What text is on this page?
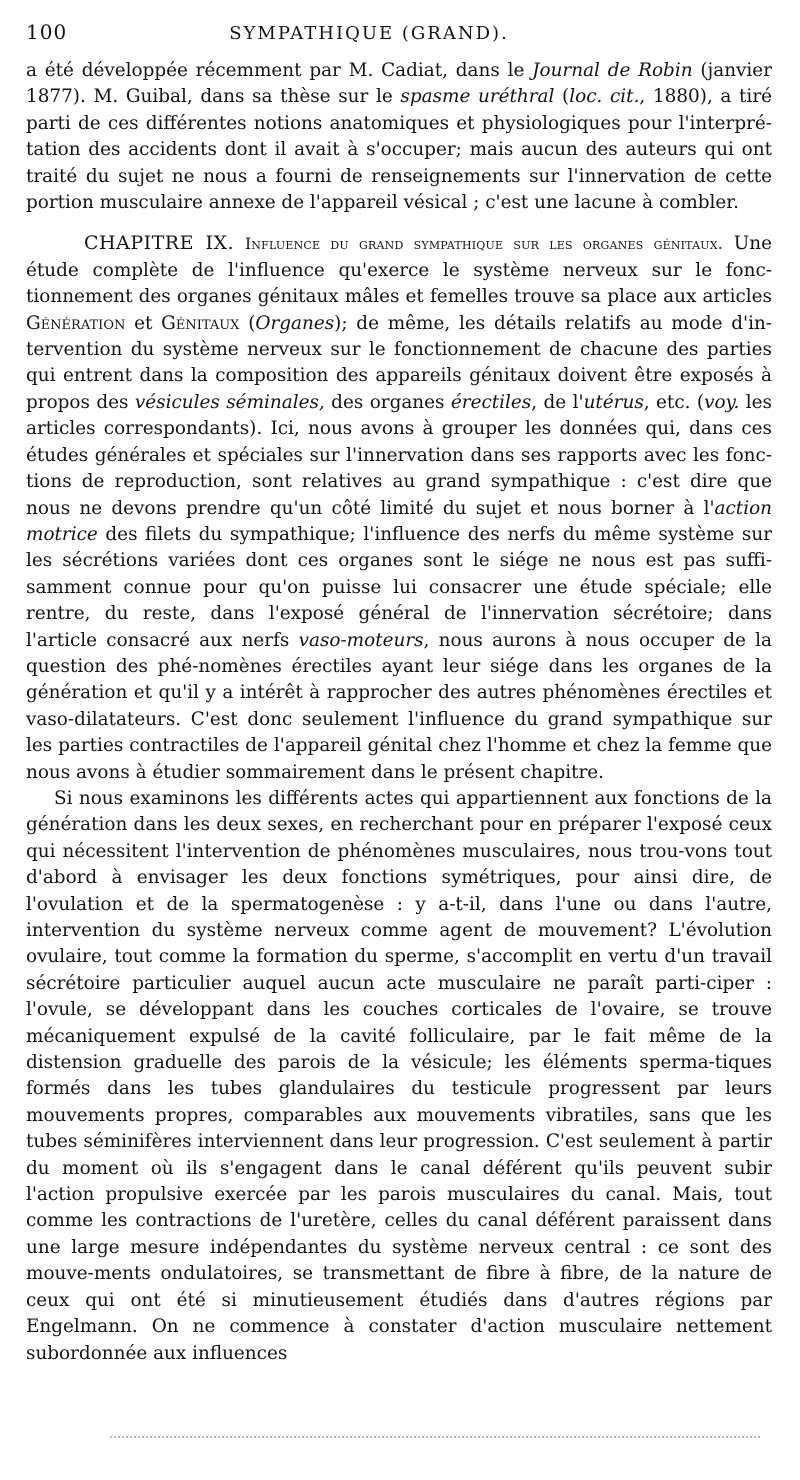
100	SYMPATHIQUE (GRAND).

a été développée récemment par M. Cadiat, dans le Journal de Robin (janvier 1877). M. Guibal, dans sa thèse sur le spasme uréthral (loc. cit., 1880), a tiré parti de ces différentes notions anatomiques et physiologiques pour l'interpré-tation des accidents dont il avait à s'occuper; mais aucun des auteurs qui ont traité du sujet ne nous a fourni de renseignements sur l'innervation de cette portion musculaire annexe de l'appareil vésical ; c'est une lacune à combler.

CHAPITRE IX. Influence du grand sympathique sur les organes génitaux. Une étude complète de l'influence qu'exerce le système nerveux sur le fonc-tionnement des organes génitaux mâles et femelles trouve sa place aux articles Génération et Génitaux (Organes); de même, les détails relatifs au mode d'in-tervention du système nerveux sur le fonctionnement de chacune des parties qui entrent dans la composition des appareils génitaux doivent être exposés à propos des vésicules séminales, des organes érectiles, de l'utérus, etc. (voy. les articles correspondants). Ici, nous avons à grouper les données qui, dans ces études générales et spéciales sur l'innervation dans ses rapports avec les fonc-tions de reproduction, sont relatives au grand sympathique : c'est dire que nous ne devons prendre qu'un côté limité du sujet et nous borner à l'action motrice des filets du sympathique; l'influence des nerfs du même système sur les sécrétions variées dont ces organes sont le siége ne nous est pas suffi-samment connue pour qu'on puisse lui consacrer une étude spéciale; elle rentre, du reste, dans l'exposé général de l'innervation sécrétoire; dans l'article consacré aux nerfs vaso-moteurs, nous aurons à nous occuper de la question des phé-nomènes érectiles ayant leur siége dans les organes de la génération et qu'il y a intérêt à rapprocher des autres phénomènes érectiles et vaso-dilatateurs. C'est donc seulement l'influence du grand sympathique sur les parties contractiles de l'appareil génital chez l'homme et chez la femme que nous avons à étudier sommairement dans le présent chapitre.

Si nous examinons les différents actes qui appartiennent aux fonctions de la génération dans les deux sexes, en recherchant pour en préparer l'exposé ceux qui nécessitent l'intervention de phénomènes musculaires, nous trou-vons tout d'abord à envisager les deux fonctions symétriques, pour ainsi dire, de l'ovulation et de la spermatogenèse : y a-t-il, dans l'une ou dans l'autre, intervention du système nerveux comme agent de mouvement? L'évolution ovulaire, tout comme la formation du sperme, s'accomplit en vertu d'un travail sécrétoire particulier auquel aucun acte musculaire ne paraît parti-ciper : l'ovule, se développant dans les couches corticales de l'ovaire, se trouve mécaniquement expulsé de la cavité folliculaire, par le fait même de la distension graduelle des parois de la vésicule; les éléments sperma-tiques formés dans les tubes glandulaires du testicule progressent par leurs mouvements propres, comparables aux mouvements vibratiles, sans que les tubes séminifères interviennent dans leur progression. C'est seulement à partir du moment où ils s'engagent dans le canal déférent qu'ils peuvent subir l'action propulsive exercée par les parois musculaires du canal. Mais, tout comme les contractions de l'uretère, celles du canal déférent paraissent dans une large mesure indépendantes du système nerveux central : ce sont des mouve-ments ondulatoires, se transmettant de fibre à fibre, de la nature de ceux qui ont été si minutieusement étudiés dans d'autres régions par Engelmann. On ne commence à constater d'action musculaire nettement subordonnée aux influences
